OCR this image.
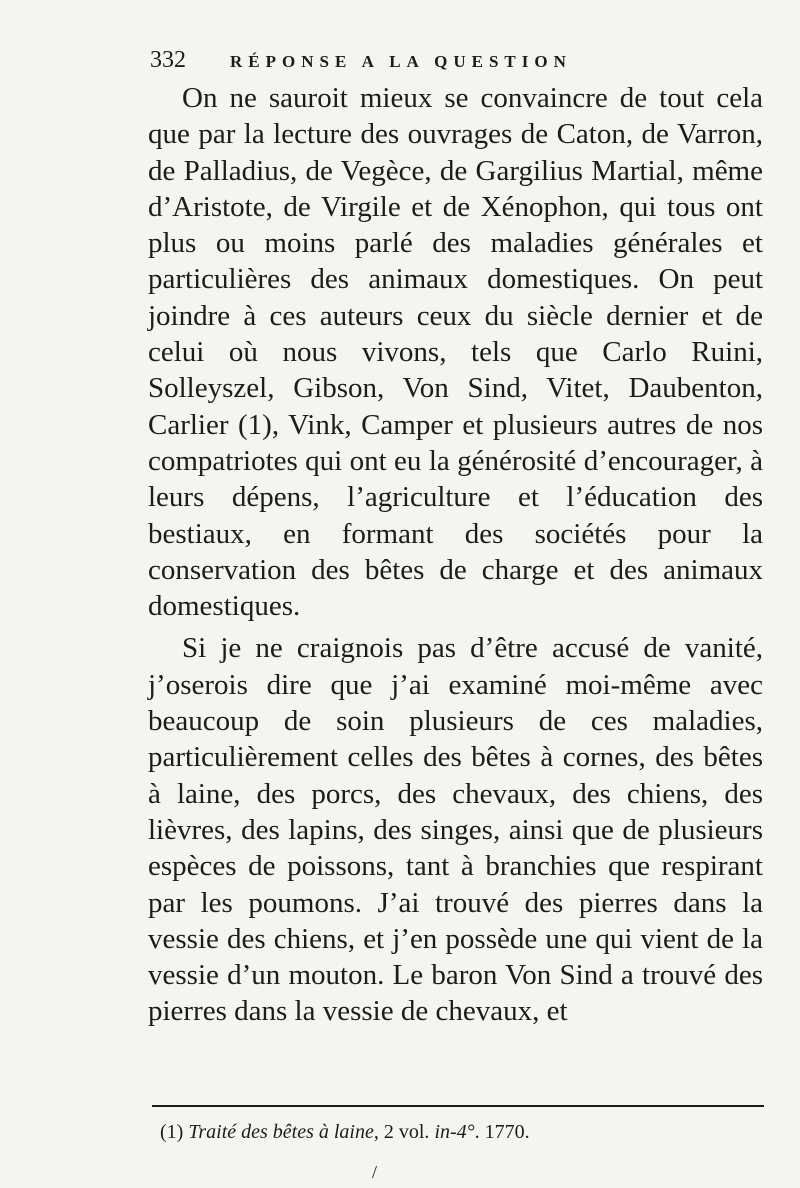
332	RÉPONSE A LA QUESTION

On ne sauroit mieux se convaincre de tout cela que par la lecture des ouvrages de Caton, de Varron, de Palladius, de Vegèce, de Gargilius Martial, même d’Aristote, de Virgile et de Xénophon, qui tous ont plus ou moins parlé des maladies générales et particulières des animaux domestiques. On peut joindre à ces auteurs ceux du siècle dernier et de celui où nous vivons, tels que Carlo Ruini, Solleyszel, Gibson, Von Sind, Vitet, Daubenton, Carlier (1), Vink, Camper et plusieurs autres de nos compatriotes qui ont eu la générosité d’encourager, à leurs dépens, l’agriculture et l’éducation des bestiaux, en formant des sociétés pour la conservation des bêtes de charge et des animaux domestiques.

Si je ne craignois pas d’être accusé de vanité, j’oserois dire que j’ai examiné moi-même avec beaucoup de soin plusieurs de ces maladies, particulièrement celles des bêtes à cornes, des bêtes à laine, des porcs, des chevaux, des chiens, des lièvres, des lapins, des singes, ainsi que de plusieurs espèces de poissons, tant à branchies que respirant par les poumons. J’ai trouvé des pierres dans la vessie des chiens, et j’en possède une qui vient de la vessie d’un mouton. Le baron Von Sind a trouvé des pierres dans la vessie de chevaux, et

(1) Traité des bêtes à laine, 2 vol. in-4°. 1770.
/
